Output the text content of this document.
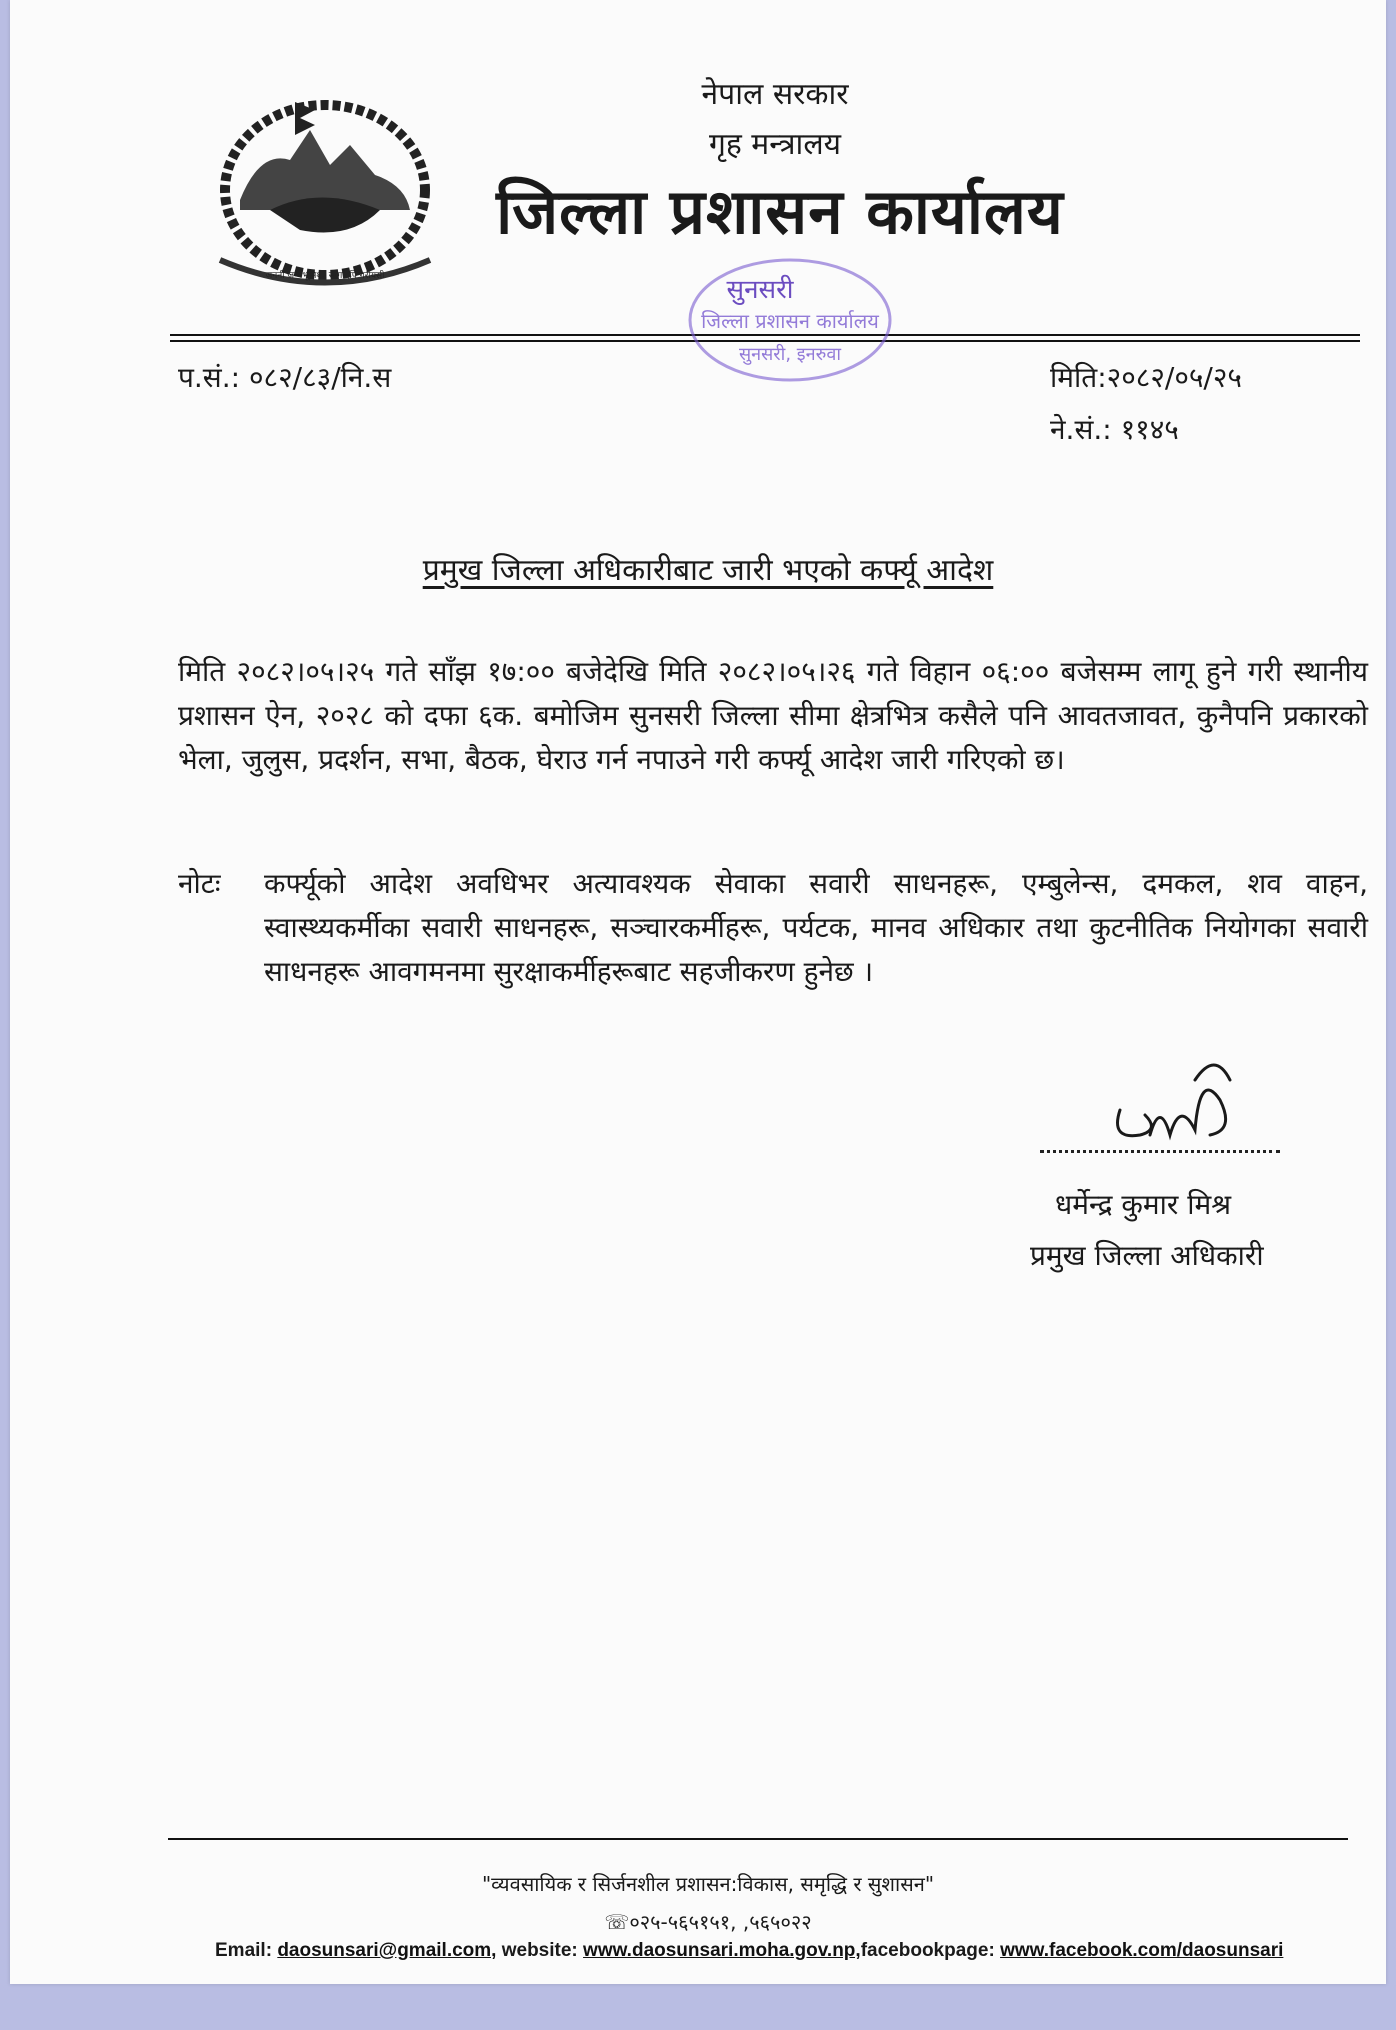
जननी जन्मभूमिश्च स्वर्गादपि गरीयसी
नेपाल सरकार
गृह मन्त्रालय
जिल्ला प्रशासन कार्यालय
सुनसरी
जिल्ला प्रशासन कार्यालय
सुनसरी, इनरुवा
प.सं.: ०८२/८३/नि.स	मिति:२०८२/०५/२५
ने.सं.: ११४५
प्रमुख जिल्ला अधिकारीबाट जारी भएको कर्फ्यू आदेश
मिति २०८२।०५।२५ गते साँझ १७:०० बजेदेखि मिति २०८२।०५।२६ गते विहान ०६:०० बजेसम्म लागू हुने गरी स्थानीय प्रशासन ऐन, २०२८ को दफा ६क. बमोजिम सुनसरी जिल्ला सीमा क्षेत्रभित्र कसैले पनि आवतजावत, कुनैपनि प्रकारको भेला, जुलुस, प्रदर्शन, सभा, बैठक, घेराउ गर्न नपाउने गरी कर्फ्यू आदेश जारी गरिएको छ।
नोटः	कर्फ्यूको आदेश अवधिभर अत्यावश्यक सेवाका सवारी साधनहरू, एम्बुलेन्स, दमकल, शव वाहन, स्वास्थ्यकर्मीका सवारी साधनहरू, सञ्चारकर्मीहरू, पर्यटक, मानव अधिकार तथा कुटनीतिक नियोगका सवारी साधनहरू आवगमनमा सुरक्षाकर्मीहरूबाट सहजीकरण हुनेछ ।
धर्मेन्द्र कुमार मिश्र
प्रमुख जिल्ला अधिकारी
"व्यवसायिक र सिर्जनशील प्रशासन:विकास, समृद्धि र सुशासन"
☏०२५-५६५१५१, ,५६५०२२
Email: daosunsari@gmail.com, website: www.daosunsari.moha.gov.np,facebookpage: www.facebook.com/daosunsari
